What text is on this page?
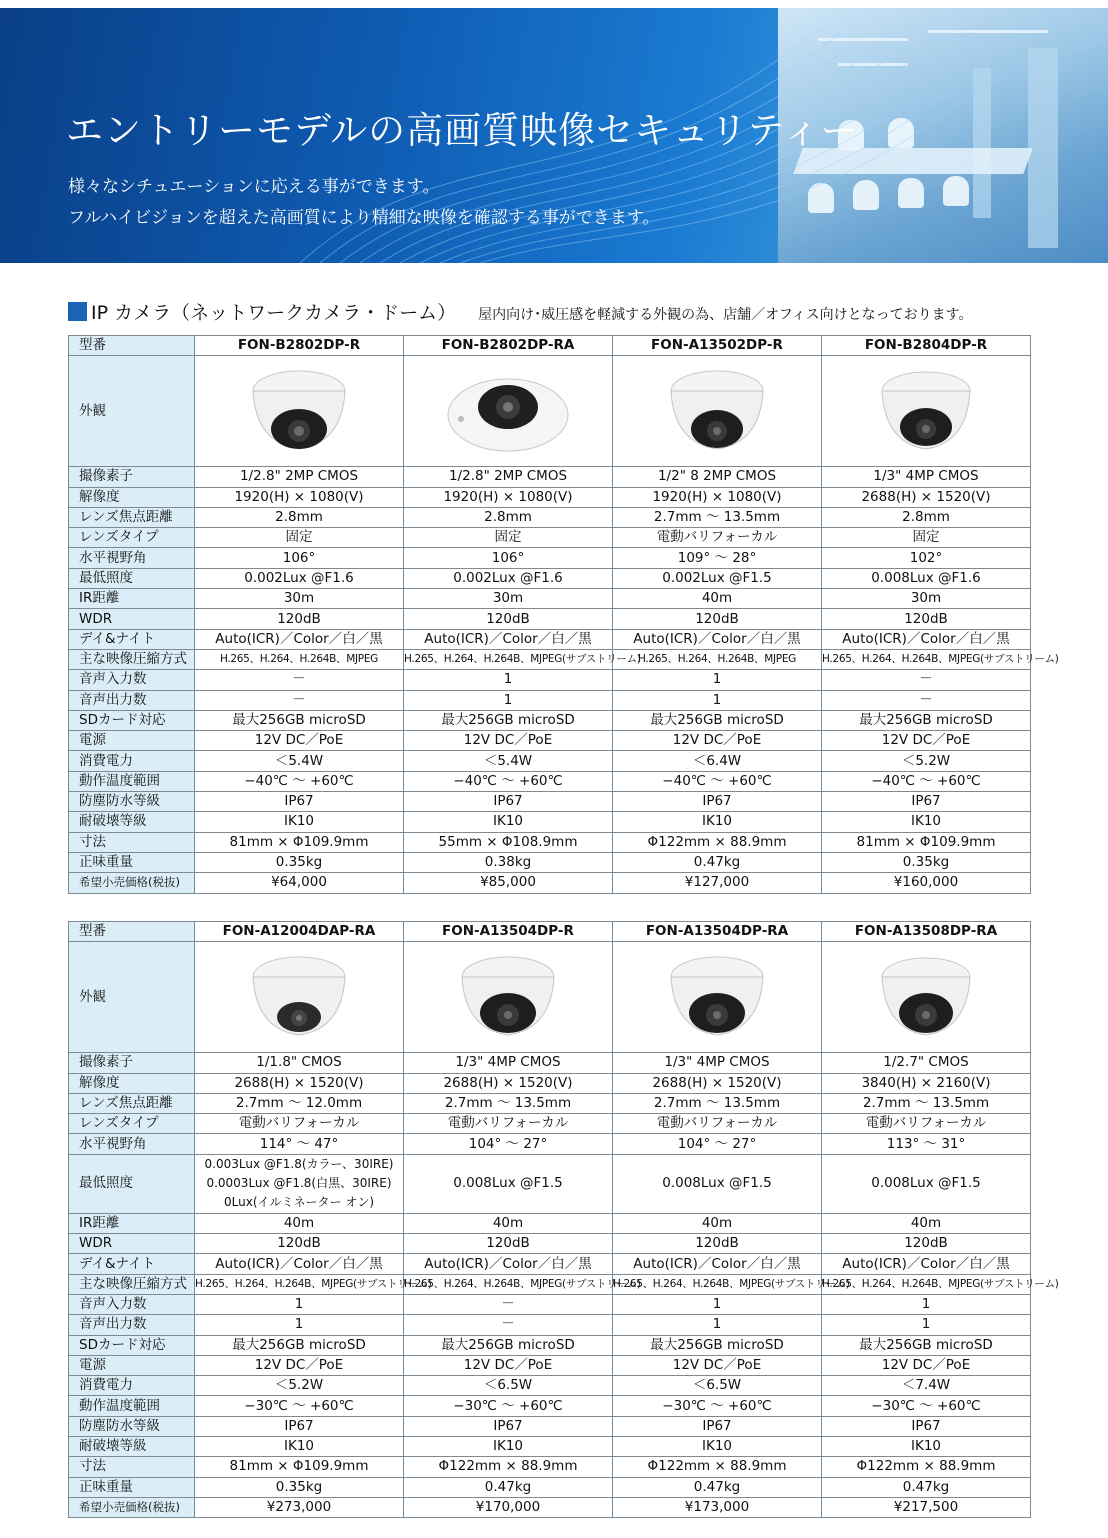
エントリーモデルの高画質映像セキュリティー
様々なシチュエーションに応える事ができます。
フルハイビジョンを超えた高画質により精細な映像を確認する事ができます。
IP カメラ（ネットワークカメラ・ドーム） 屋内向け･威圧感を軽減する外観の為、店舗／オフィス向けとなっております。
型番	FON-B2802DP-R	FON-B2802DP-RA	FON-A13502DP-R	FON-B2804DP-R
外観	

撮像素子	1/2.8" 2MP CMOS	1/2.8" 2MP CMOS	1/2" 8 2MP CMOS	1/3" 4MP CMOS
解像度	1920(H) × 1080(V)	1920(H) × 1080(V)	1920(H) × 1080(V)	2688(H) × 1520(V)
レンズ焦点距離	2.8mm	2.8mm	2.7mm ～ 13.5mm	2.8mm
レンズタイプ	固定	固定	電動バリフォーカル	固定
水平視野角	106°	106°	109° ～ 28°	102°
最低照度	0.002Lux @F1.6	0.002Lux @F1.6	0.002Lux @F1.5	0.008Lux @F1.6
IR距離	30m	30m	40m	30m
WDR	120dB	120dB	120dB	120dB
デイ&ナイト	Auto(ICR)／Color／白／黒	Auto(ICR)／Color／白／黒	Auto(ICR)／Color／白／黒	Auto(ICR)／Color／白／黒
主な映像圧縮方式	H.265、H.264、H.264B、MJPEG	H.265、H.264、H.264B、MJPEG(サブストリーム)	H.265、H.264、H.264B、MJPEG	H.265、H.264、H.264B、MJPEG(サブストリーム)
音声入力数	－	1	1	－
音声出力数	－	1	1	－
SDカード対応	最大256GB microSD	最大256GB microSD	最大256GB microSD	最大256GB microSD
電源	12V DC／PoE	12V DC／PoE	12V DC／PoE	12V DC／PoE
消費電力	＜5.4W	＜5.4W	＜6.4W	＜5.2W
動作温度範囲	−40℃ ～ +60℃	−40℃ ～ +60℃	−40℃ ～ +60℃	−40℃ ～ +60℃
防塵防水等級	IP67	IP67	IP67	IP67
耐破壊等級	IK10	IK10	IK10	IK10
寸法	81mm × Φ109.9mm	55mm × Φ108.9mm	Φ122mm × 88.9mm	81mm × Φ109.9mm
正味重量	0.35kg	0.38kg	0.47kg	0.35kg
希望小売価格(税抜)	¥64,000	¥85,000	¥127,000	¥160,000
型番	FON-A12004DAP-RA	FON-A13504DP-R	FON-A13504DP-RA	FON-A13508DP-RA
外観	

撮像素子	1/1.8" CMOS	1/3" 4MP CMOS	1/3" 4MP CMOS	1/2.7" CMOS
解像度	2688(H) × 1520(V)	2688(H) × 1520(V)	2688(H) × 1520(V)	3840(H) × 2160(V)
レンズ焦点距離	2.7mm ～ 12.0mm	2.7mm ～ 13.5mm	2.7mm ～ 13.5mm	2.7mm ～ 13.5mm
レンズタイプ	電動バリフォーカル	電動バリフォーカル	電動バリフォーカル	電動バリフォーカル
水平視野角	114° ～ 47°	104° ～ 27°	104° ～ 27°	113° ～ 31°
最低照度	0.003Lux @F1.8(カラー、30IRE)
0.0003Lux @F1.8(白黒、30IRE)
0Lux(イルミネーター オン)	0.008Lux @F1.5	0.008Lux @F1.5	0.008Lux @F1.5
IR距離	40m	40m	40m	40m
WDR	120dB	120dB	120dB	120dB
デイ&ナイト	Auto(ICR)／Color／白／黒	Auto(ICR)／Color／白／黒	Auto(ICR)／Color／白／黒	Auto(ICR)／Color／白／黒
主な映像圧縮方式	H.265、H.264、H.264B、MJPEG(サブストリーム)	H.265、H.264、H.264B、MJPEG(サブストリーム)	H.265、H.264、H.264B、MJPEG(サブストリーム)	H.265、H.264、H.264B、MJPEG(サブストリーム)
音声入力数	1	－	1	1
音声出力数	1	－	1	1
SDカード対応	最大256GB microSD	最大256GB microSD	最大256GB microSD	最大256GB microSD
電源	12V DC／PoE	12V DC／PoE	12V DC／PoE	12V DC／PoE
消費電力	＜5.2W	＜6.5W	＜6.5W	＜7.4W
動作温度範囲	−30℃ ～ +60℃	−30℃ ～ +60℃	−30℃ ～ +60℃	−30℃ ～ +60℃
防塵防水等級	IP67	IP67	IP67	IP67
耐破壊等級	IK10	IK10	IK10	IK10
寸法	81mm × Φ109.9mm	Φ122mm × 88.9mm	Φ122mm × 88.9mm	Φ122mm × 88.9mm
正味重量	0.35kg	0.47kg	0.47kg	0.47kg
希望小売価格(税抜)	¥273,000	¥170,000	¥173,000	¥217,500
